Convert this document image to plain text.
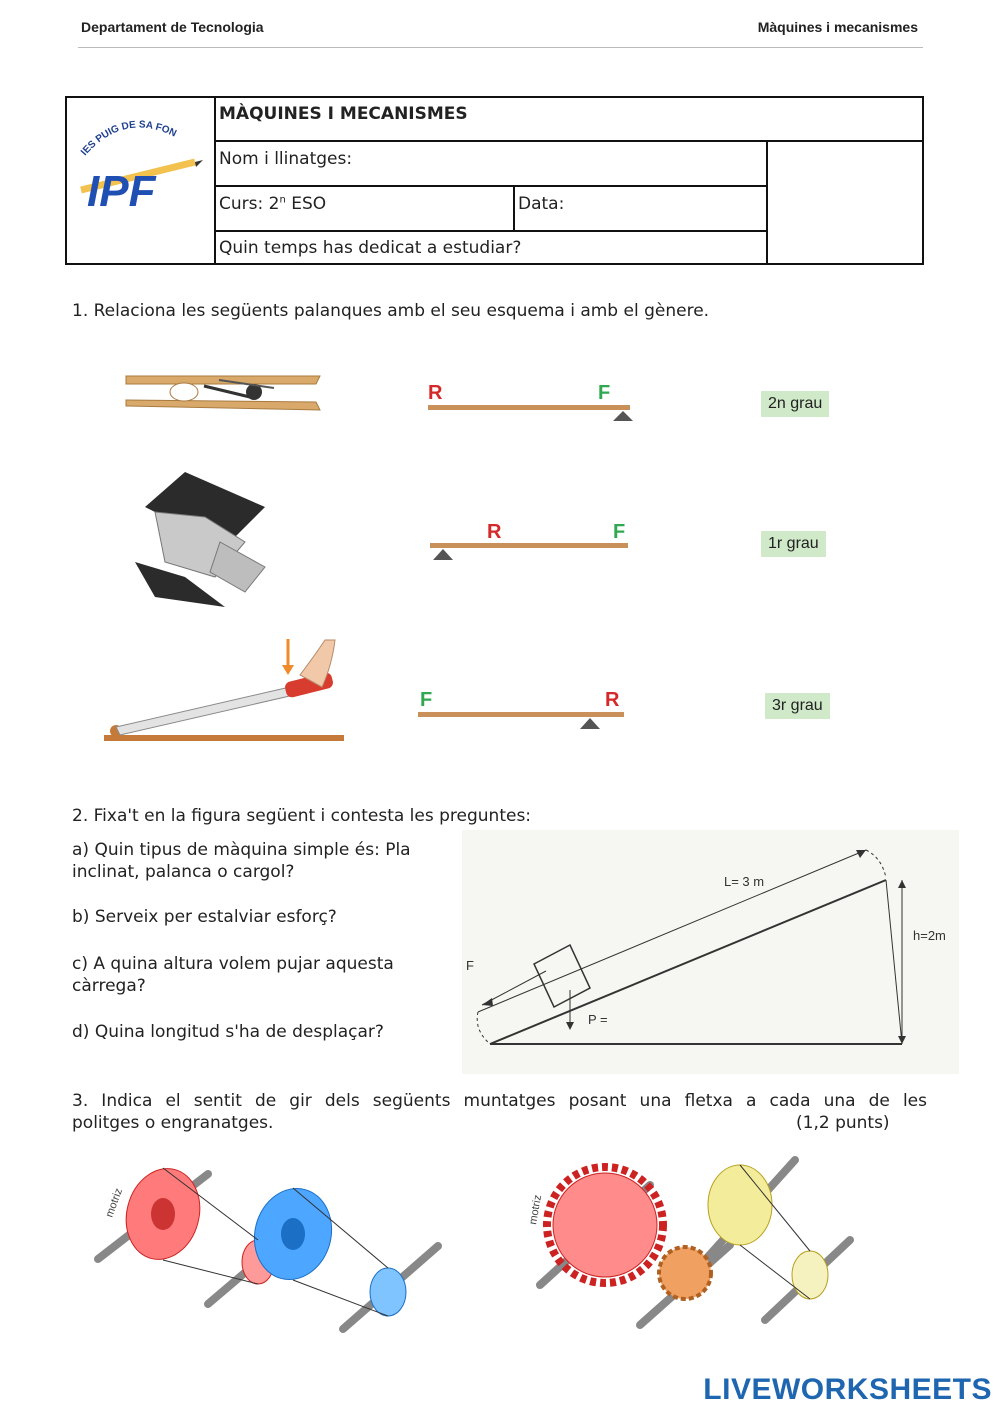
Departament de Tecnologia	Màquines i mecanismes
IES PUIG DE SA FON
IPF
MÀQUINES I MECANISMES
Nom i llinatges:
Curs: 2$^n$ ESO	Data:
Quin temps has dedicat a estudiar?
1. Relaciona les següents palanques amb el seu esquema i amb el gènere.
R	F
R	F
F	R
2n grau
1r grau
3r grau
2. Fixa't en la figura següent i contesta les preguntes:
a) Quin tipus de màquina simple és: Pla
inclinat, palanca o cargol?
b) Serveix per estalviar esforç?
c) A quina altura volem pujar aquesta
càrrega?
d) Quina longitud s'ha de desplaçar?
L= 3 m
h=2m
F
P =
3. Indica el sentit de gir dels següents muntatges posant una fletxa a cada una de les
politges o engranatges.	(1,2 punts)
motriz	motriz
LIVEWORKSHEETS
